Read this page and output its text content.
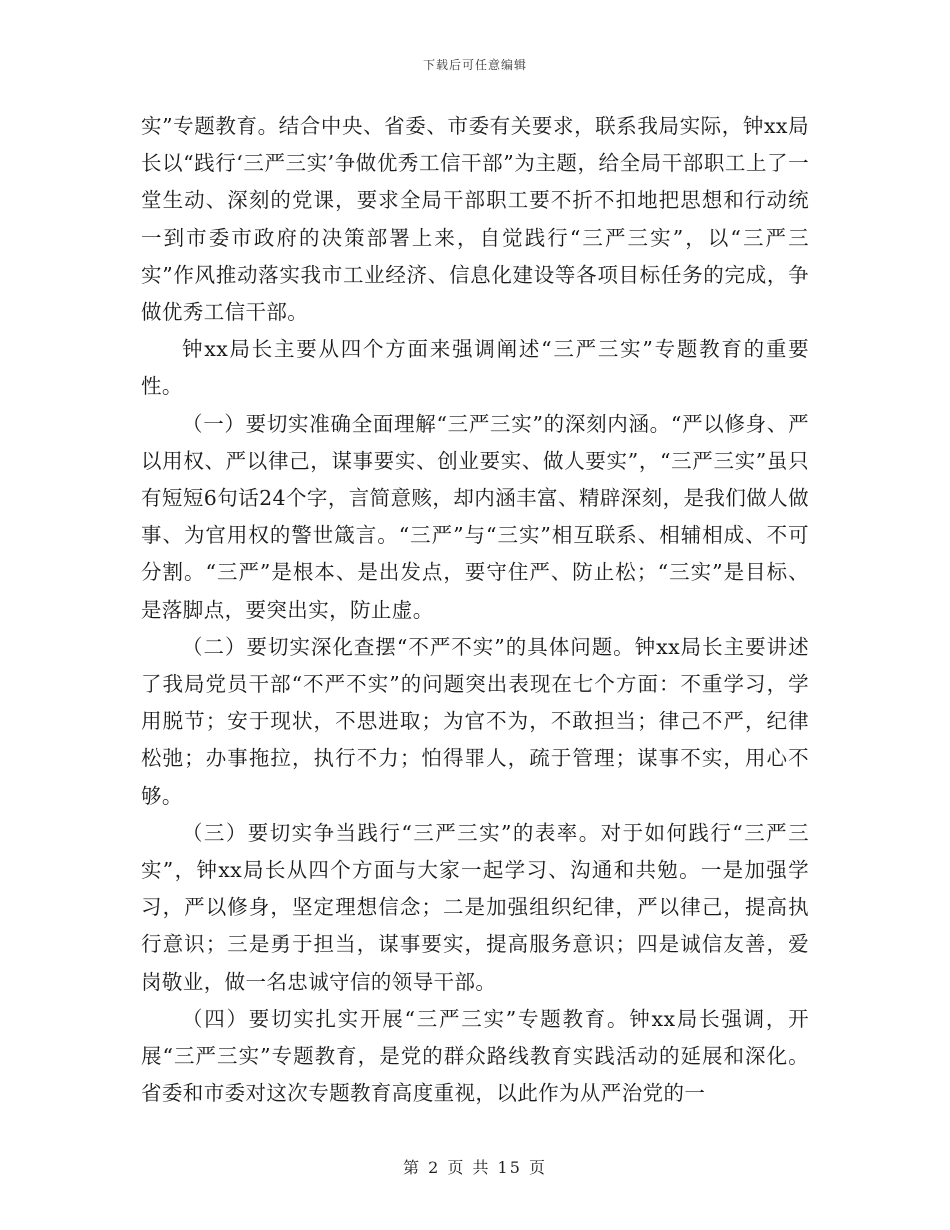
下载后可任意编辑

实”专题教育。结合中央、省委、市委有关要求，联系我局实际，钟xx局长以“践行‘三严三实’争做优秀工信干部”为主题，给全局干部职工上了一堂生动、深刻的党课，要求全局干部职工要不折不扣地把思想和行动统一到市委市政府的决策部署上来，自觉践行“三严三实”，以“三严三实”作风推动落实我市工业经济、信息化建设等各项目标任务的完成，争做优秀工信干部。

钟xx局长主要从四个方面来强调阐述“三严三实”专题教育的重要性。

（一）要切实准确全面理解“三严三实”的深刻内涵。“严以修身、严以用权、严以律己，谋事要实、创业要实、做人要实”，“三严三实”虽只有短短6句话24个字，言简意赅，却内涵丰富、精辟深刻，是我们做人做事、为官用权的警世箴言。“三严”与“三实”相互联系、相辅相成、不可分割。“三严”是根本、是出发点，要守住严、防止松；“三实”是目标、是落脚点，要突出实，防止虚。

（二）要切实深化查摆“不严不实”的具体问题。钟xx局长主要讲述了我局党员干部“不严不实”的问题突出表现在七个方面：不重学习，学用脱节；安于现状，不思进取；为官不为，不敢担当；律己不严，纪律松弛；办事拖拉，执行不力；怕得罪人，疏于管理；谋事不实，用心不够。

（三）要切实争当践行“三严三实”的表率。对于如何践行“三严三实”，钟xx局长从四个方面与大家一起学习、沟通和共勉。一是加强学习，严以修身，坚定理想信念；二是加强组织纪律，严以律己，提高执行意识；三是勇于担当，谋事要实，提高服务意识；四是诚信友善，爱岗敬业，做一名忠诚守信的领导干部。

（四）要切实扎实开展“三严三实”专题教育。钟xx局长强调，开展“三严三实”专题教育，是党的群众路线教育实践活动的延展和深化。省委和市委对这次专题教育高度重视，以此作为从严治党的一

第 2 页 共 15 页
